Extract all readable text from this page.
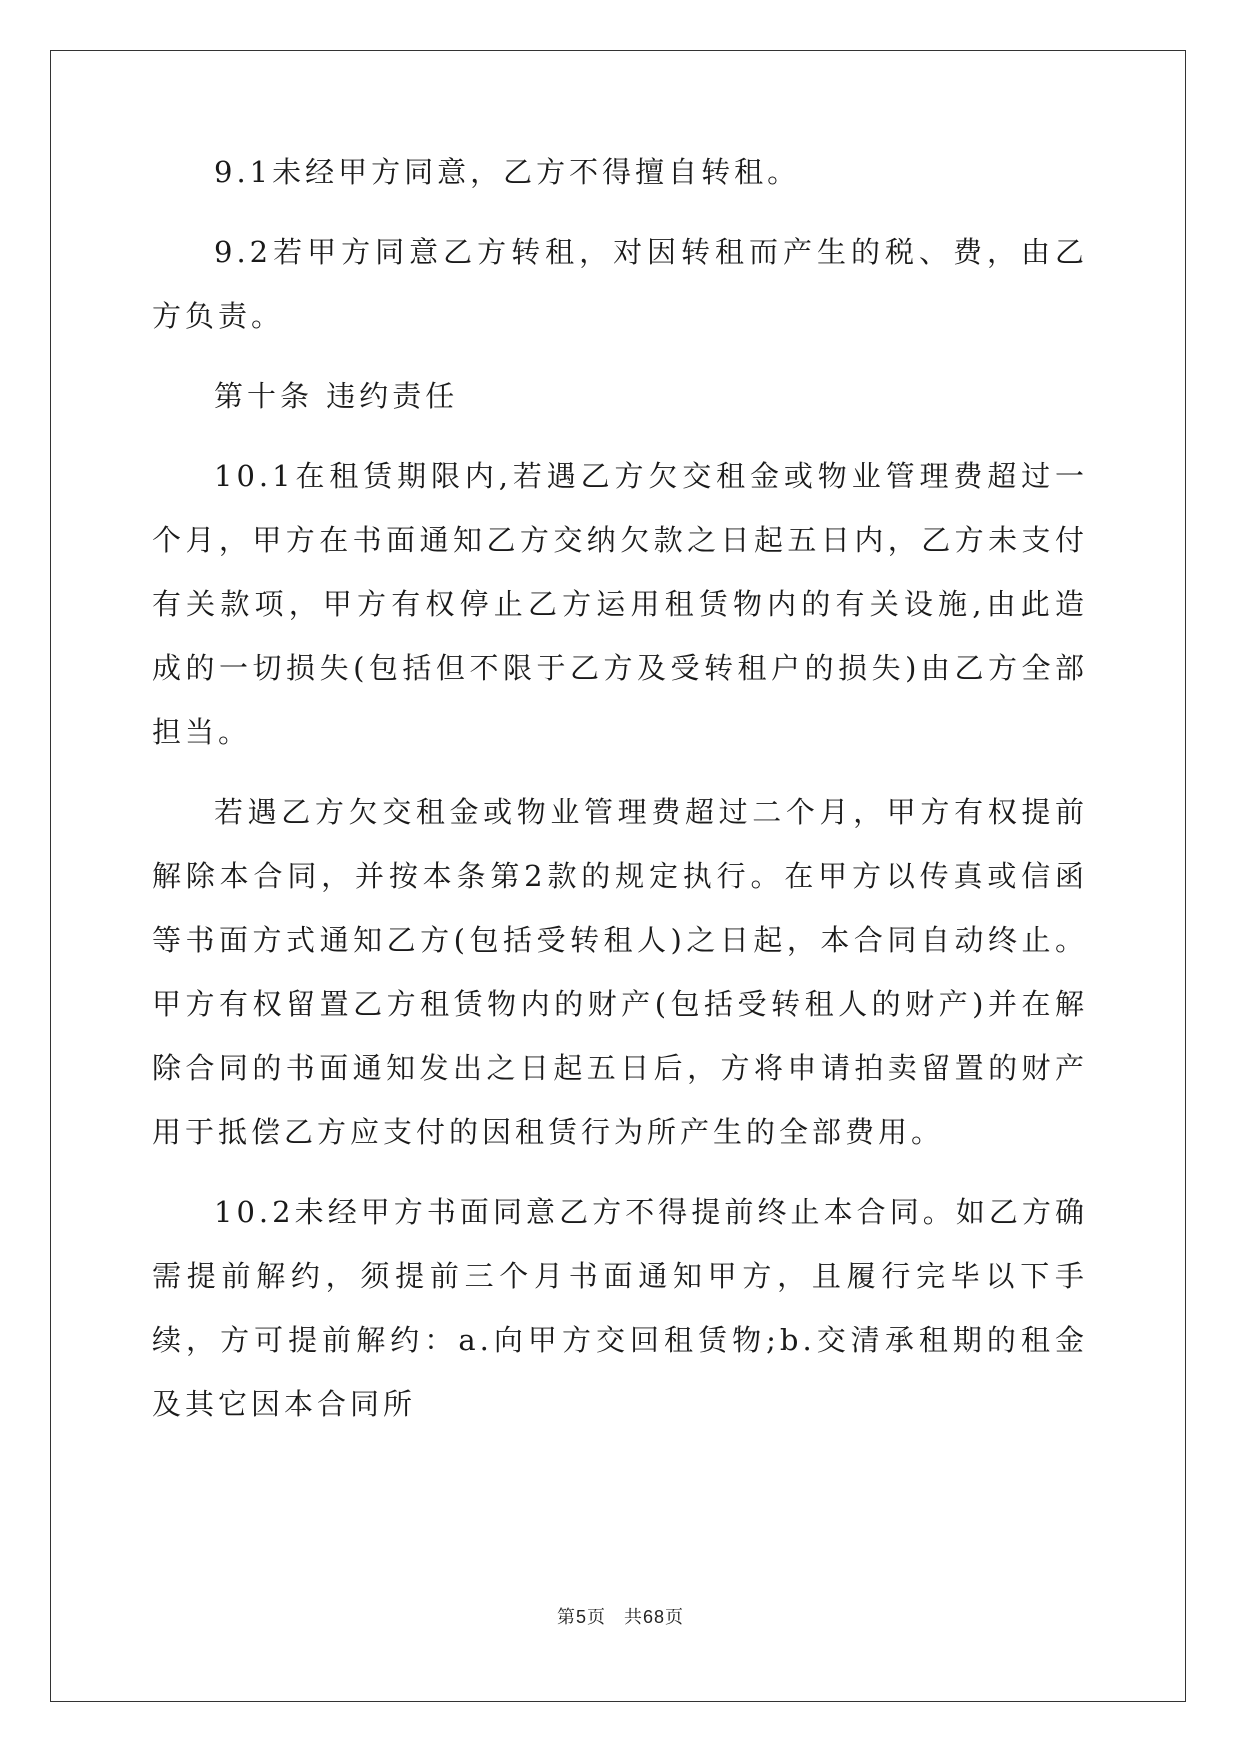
9.1未经甲方同意，乙方不得擅自转租。

9.2若甲方同意乙方转租，对因转租而产生的税、费，由乙方负责。

第十条 违约责任

10.1在租赁期限内,若遇乙方欠交租金或物业管理费超过一个月，甲方在书面通知乙方交纳欠款之日起五日内，乙方未支付有关款项，甲方有权停止乙方运用租赁物内的有关设施,由此造成的一切损失(包括但不限于乙方及受转租户的损失)由乙方全部担当。

若遇乙方欠交租金或物业管理费超过二个月，甲方有权提前解除本合同，并按本条第2款的规定执行。在甲方以传真或信函等书面方式通知乙方(包括受转租人)之日起，本合同自动终止。甲方有权留置乙方租赁物内的财产(包括受转租人的财产)并在解除合同的书面通知发出之日起五日后，方将申请拍卖留置的财产用于抵偿乙方应支付的因租赁行为所产生的全部费用。

10.2未经甲方书面同意乙方不得提前终止本合同。如乙方确需提前解约，须提前三个月书面通知甲方，且履行完毕以下手续，方可提前解约：a.向甲方交回租赁物;b.交清承租期的租金及其它因本合同所

第5页   共68页
